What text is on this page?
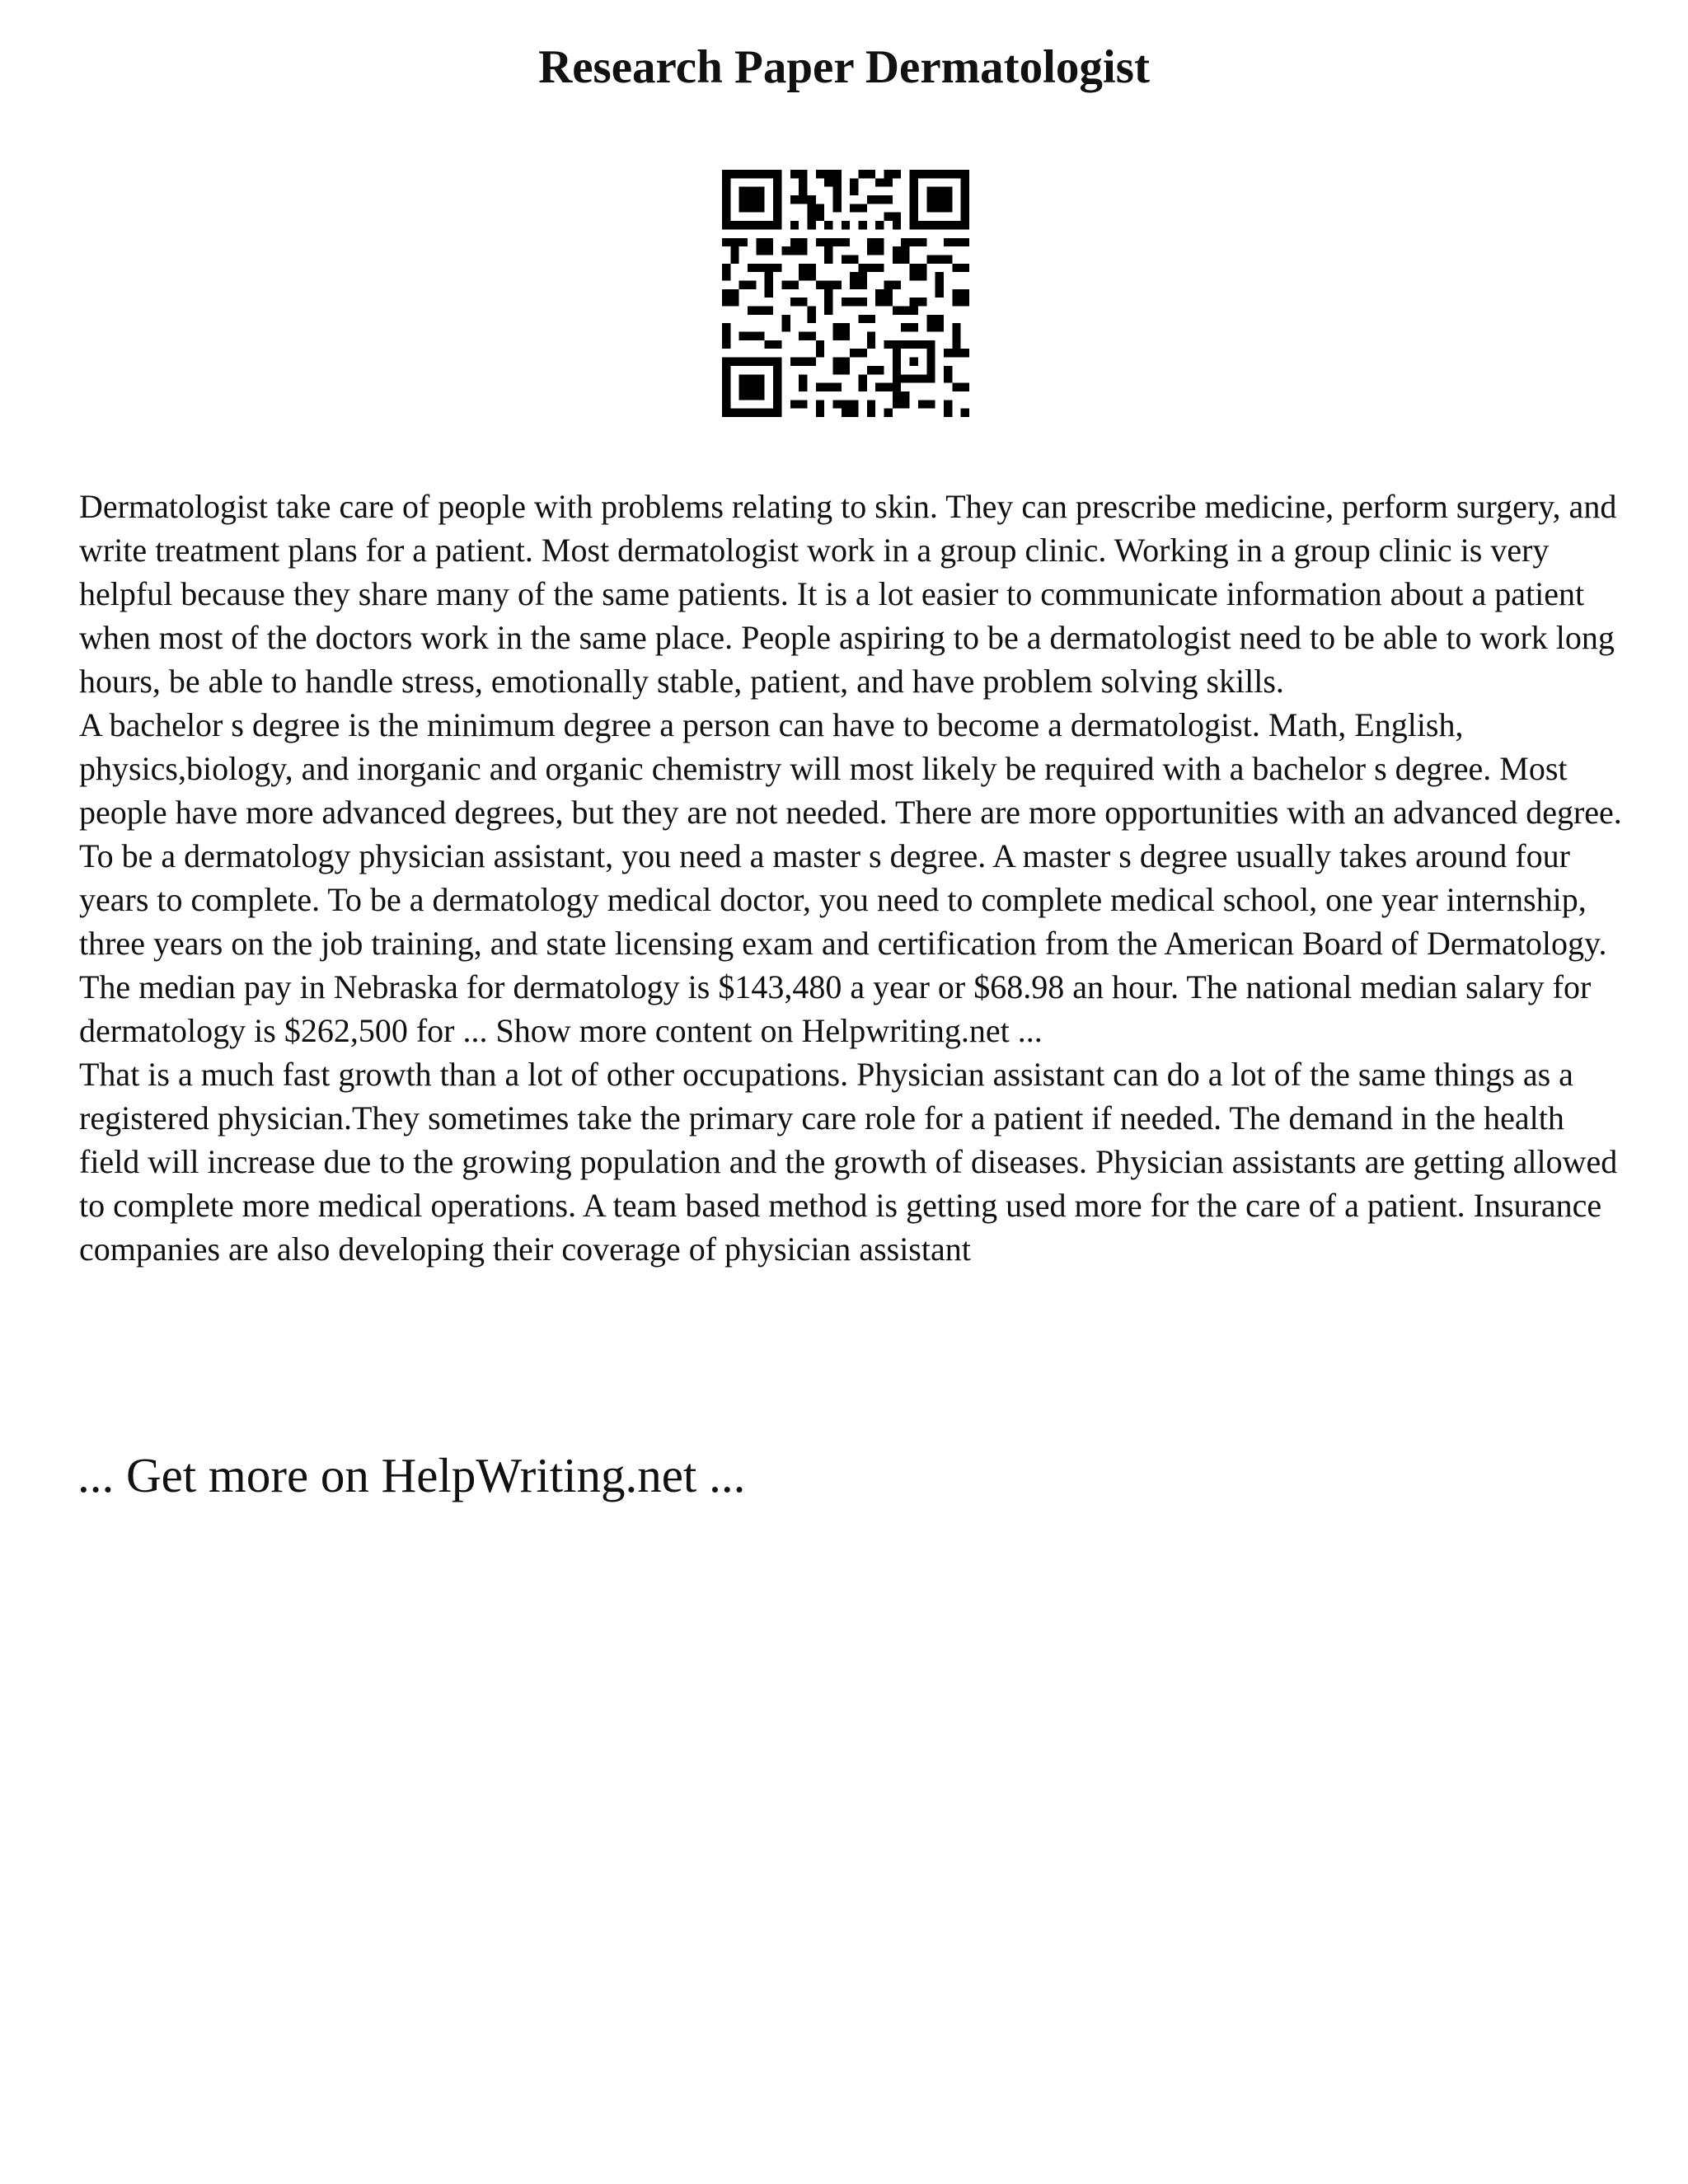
Research Paper Dermatologist

Dermatologist take care of people with problems relating to skin. They can prescribe medicine, perform surgery, and write treatment plans for a patient. Most dermatologist work in a group clinic. Working in a group clinic is very helpful because they share many of the same patients. It is a lot easier to communicate information about a patient when most of the doctors work in the same place. People aspiring to be a dermatologist need to be able to work long hours, be able to handle stress, emotionally stable, patient, and have problem solving skills.

A bachelor s degree is the minimum degree a person can have to become a dermatologist. Math, English, physics,biology, and inorganic and organic chemistry will most likely be required with a bachelor s degree. Most people have more advanced degrees, but they are not needed. There are more opportunities with an advanced degree. To be a dermatology physician assistant, you need a master s degree. A master s degree usually takes around four years to complete. To be a dermatology medical doctor, you need to complete medical school, one year internship, three years on the job training, and state licensing exam and certification from the American Board of Dermatology.

The median pay in Nebraska for dermatology is $143,480 a year or $68.98 an hour. The national median salary for dermatology is $262,500 for ... Show more content on Helpwriting.net ...

That is a much fast growth than a lot of other occupations. Physician assistant can do a lot of the same things as a registered physician.They sometimes take the primary care role for a patient if needed. The demand in the health field will increase due to the growing population and the growth of diseases. Physician assistants are getting allowed to complete more medical operations. A team based method is getting used more for the care of a patient. Insurance companies are also developing their coverage of physician assistant

... Get more on HelpWriting.net ...
